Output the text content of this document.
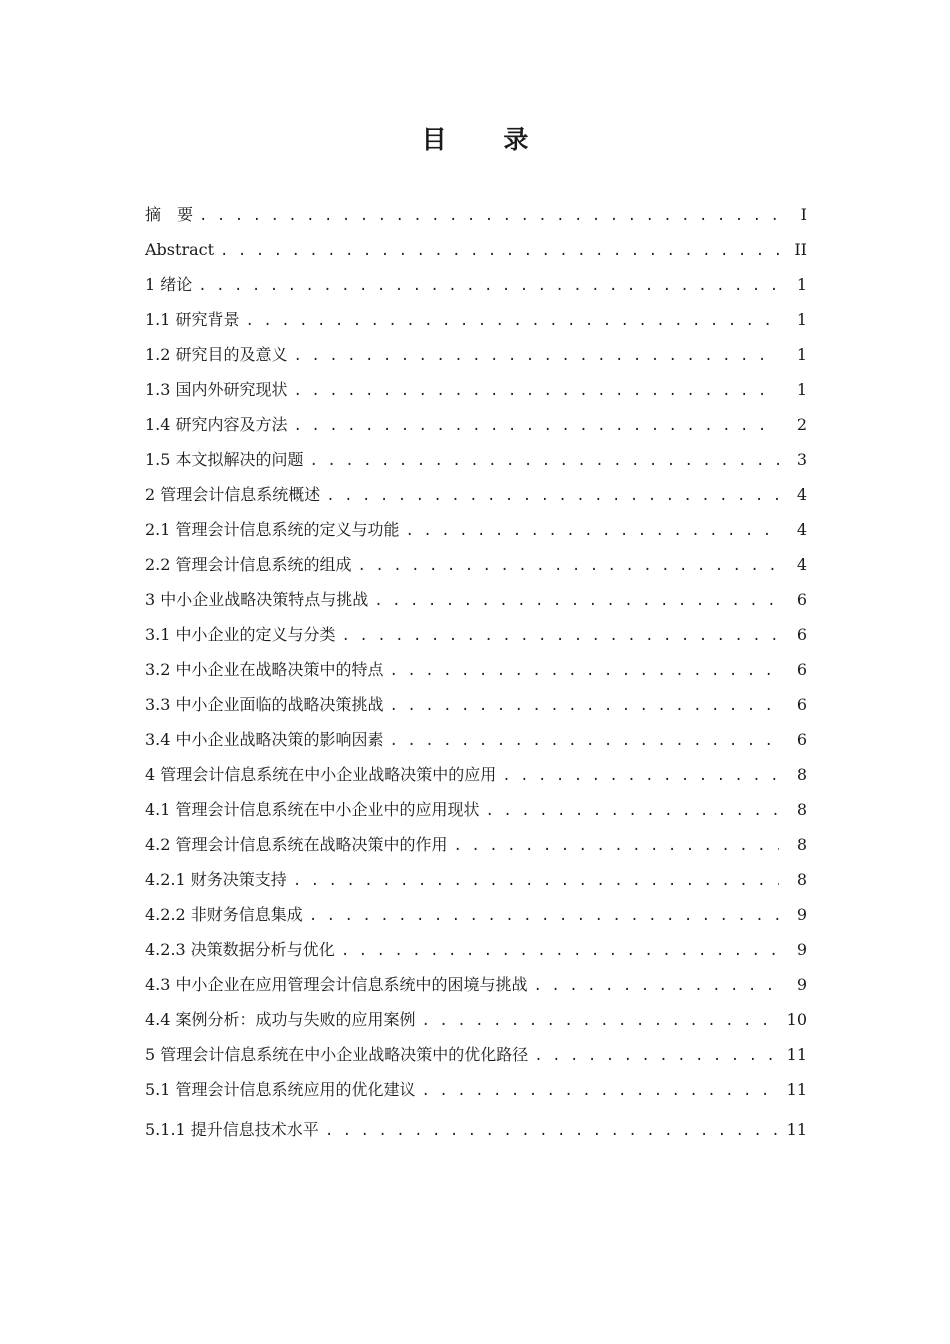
目 录
摘　要 . . .	I
Abstract . . .	II
1 绪论 . . .	1
1.1 研究背景 . . .	1
1.2 研究目的及意义 . . .	1
1.3 国内外研究现状 . . .	1
1.4 研究内容及方法 . . .	2
1.5 本文拟解决的问题 . . .	3
2 管理会计信息系统概述 . . .	4
2.1 管理会计信息系统的定义与功能 . . .	4
2.2 管理会计信息系统的组成 . . .	4
3 中小企业战略决策特点与挑战 . . .	6
3.1 中小企业的定义与分类 . . .	6
3.2 中小企业在战略决策中的特点 . . .	6
3.3 中小企业面临的战略决策挑战 . . .	6
3.4 中小企业战略决策的影响因素 . . .	6
4 管理会计信息系统在中小企业战略决策中的应用 . . .	8
4.1 管理会计信息系统在中小企业中的应用现状 . . .	8
4.2 管理会计信息系统在战略决策中的作用 . . .	8
4.2.1 财务决策支持 . . .	8
4.2.2 非财务信息集成 . . .	9
4.2.3 决策数据分析与优化 . . .	9
4.3 中小企业在应用管理会计信息系统中的困境与挑战 . . .	9
4.4 案例分析：成功与失败的应用案例 . . .	10
5 管理会计信息系统在中小企业战略决策中的优化路径 . . .	11
5.1 管理会计信息系统应用的优化建议 . . .	11
5.1.1 提升信息技术水平 . . .	11
